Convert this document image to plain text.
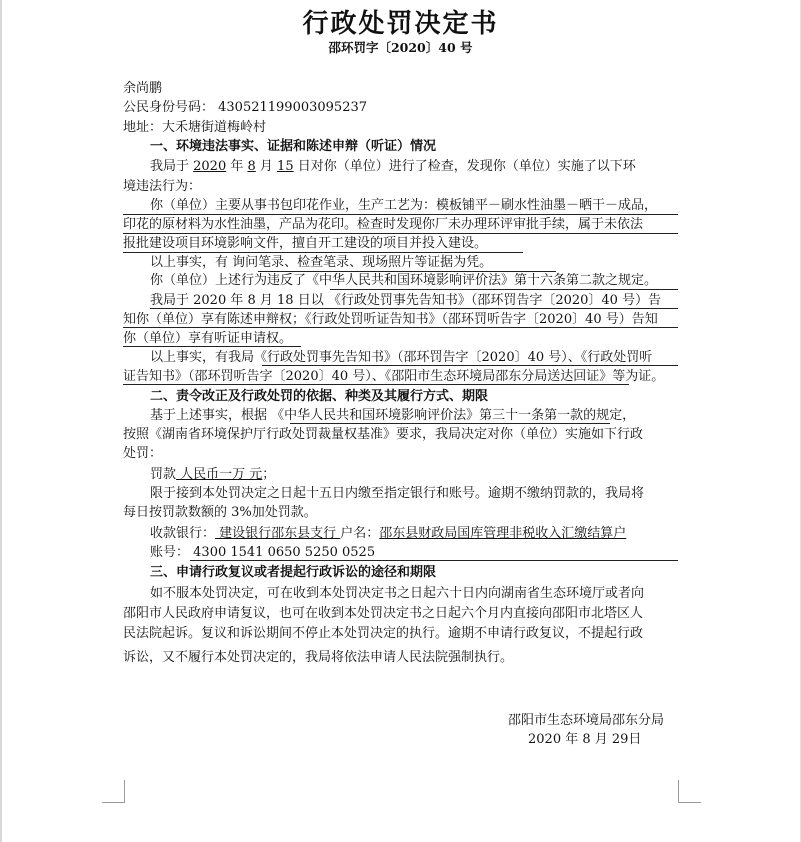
行政处罚决定书
邵环罚字〔2020〕40 号
余尚鹏
公民身份号码： 430521199003095237
地址：大禾塘街道梅岭村
一、环境违法事实、证据和陈述申辩（听证）情况
我局于 2020 年 8 月 15 日对你（单位）进行了检查，发现你（单位）实施了以下环
境违法行为：
你（单位）主要从事书包印花作业，生产工艺为：模板铺平－刷水性油墨－晒干－成品，
印花的原材料为水性油墨，产品为花印。检查时发现你厂未办理环评审批手续，属于未依法
报批建设项目环境影响文件，擅自开工建设的项目并投入建设。
以上事实，有 询问笔录、检查笔录、现场照片等证据为凭。
你（单位）上述行为违反了《中华人民共和国环境影响评价法》第十六条第二款之规定。
我局于 2020 年 8 月 18 日以 《行政处罚事先告知书》（邵环罚告字〔2020〕40 号）告
知你（单位）享有陈述申辩权；《行政处罚听证告知书》（邵环罚听告字〔2020〕40 号）告知
你（单位）享有听证申请权。
以上事实，有我局《行政处罚事先告知书》（邵环罚告字〔2020〕40 号）、《行政处罚听
证告知书》（邵环罚听告字〔2020〕40 号）、《邵阳市生态环境局邵东分局送达回证》等为证。
二、责令改正及行政处罚的依据、种类及其履行方式、期限
基于上述事实，根据 《中华人民共和国环境影响评价法》第三十一条第一款的规定，
按照《湖南省环境保护厅行政处罚裁量权基准》要求，我局决定对你（单位）实施如下行政
处罚：
罚款 人民币一万 元；
限于接到本处罚决定之日起十五日内缴至指定银行和账号。逾期不缴纳罚款的，我局将
每日按罚款数额的 3%加处罚款。
收款银行： 建设银行邵东县支行 户名：邵东县财政局国库管理非税收入汇缴结算户
账号： 4300 1541 0650 5250 0525
三、申请行政复议或者提起行政诉讼的途径和期限
如不服本处罚决定，可在收到本处罚决定书之日起六十日内向湖南省生态环境厅或者向
邵阳市人民政府申请复议，也可在收到本处罚决定书之日起六个月内直接向邵阳市北塔区人
民法院起诉。复议和诉讼期间不停止本处罚决定的执行。逾期不申请行政复议，不提起行政
诉讼，又不履行本处罚决定的，我局将依法申请人民法院强制执行。
邵阳市生态环境局邵东分局
2020 年 8 月 29日
